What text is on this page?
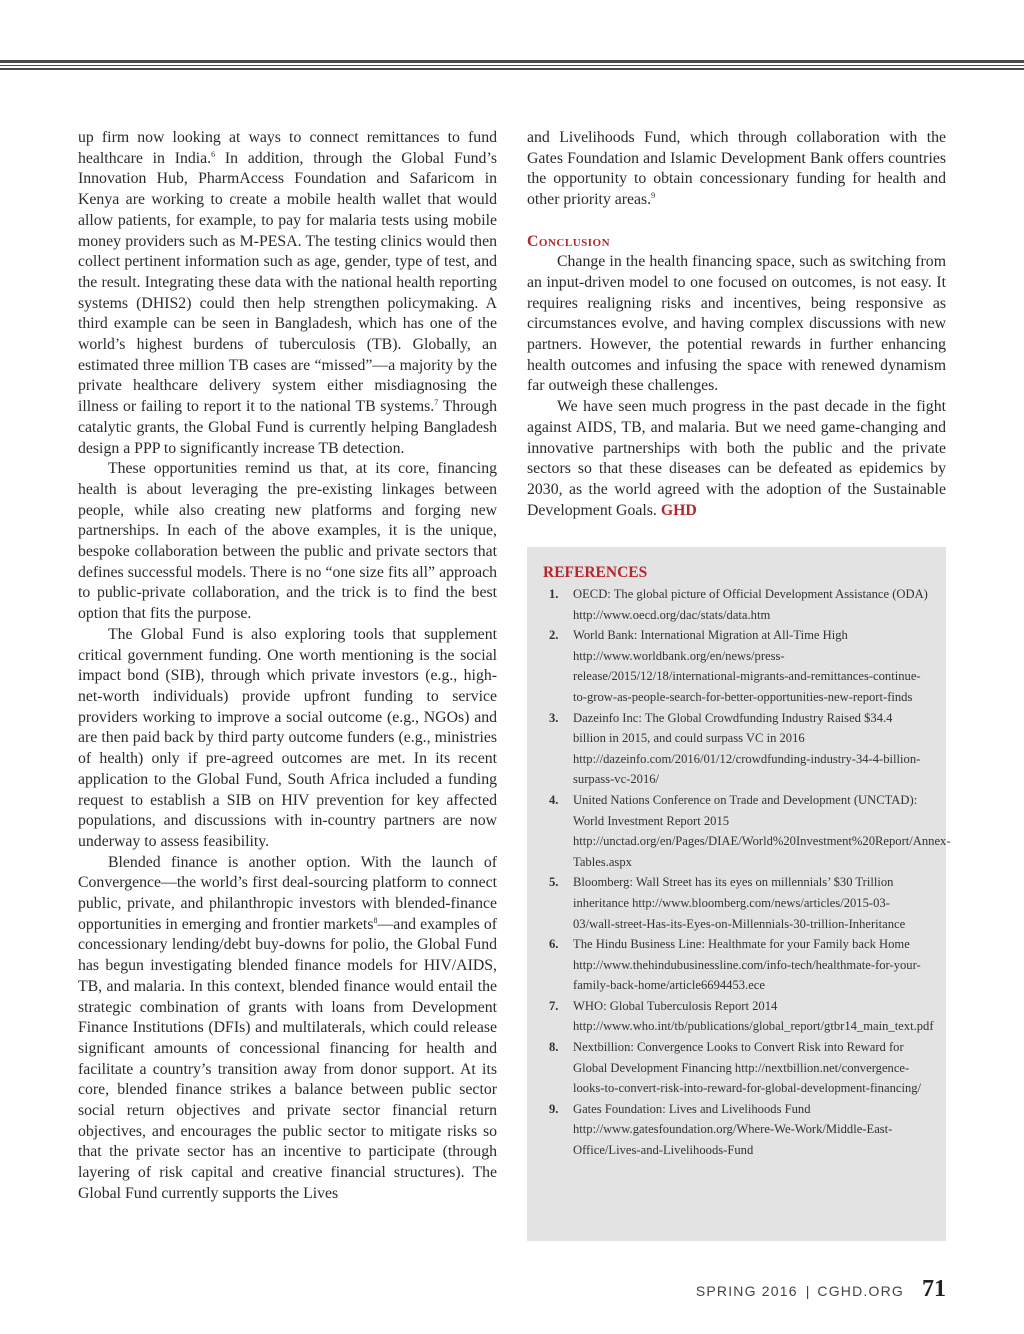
up firm now looking at ways to connect remittances to fund healthcare in India.$^6$ In addition, through the Global Fund’s Innovation Hub, PharmAccess Foundation and Safaricom in Kenya are working to create a mobile health wallet that would allow patients, for example, to pay for malaria tests using mobile money providers such as M-PESA. The testing clinics would then collect pertinent information such as age, gender, type of test, and the result. Integrating these data with the national health reporting systems (DHIS2) could then help strengthen policymaking. A third example can be seen in Bangladesh, which has one of the world’s highest burdens of tuberculosis (TB). Globally, an estimated three million TB cases are “missed”—a majority by the private healthcare delivery system either misdiagnosing the illness or failing to report it to the national TB systems.$^7$ Through catalytic grants, the Global Fund is currently helping Bangladesh design a PPP to significantly increase TB detection.

These opportunities remind us that, at its core, financing health is about leveraging the pre-existing linkages between people, while also creating new platforms and forging new partnerships. In each of the above examples, it is the unique, bespoke collaboration between the public and private sectors that defines successful models. There is no “one size fits all” approach to public-private collaboration, and the trick is to find the best option that fits the purpose.

The Global Fund is also exploring tools that supplement critical government funding. One worth mentioning is the social impact bond (SIB), through which private investors (e.g., high-net-worth individuals) provide upfront funding to service providers working to improve a social outcome (e.g., NGOs) and are then paid back by third party outcome funders (e.g., ministries of health) only if pre-agreed outcomes are met. In its recent application to the Global Fund, South Africa included a funding request to establish a SIB on HIV prevention for key affected populations, and discussions with in-country partners are now underway to assess feasibility.

Blended finance is another option. With the launch of Convergence—the world’s first deal-sourcing platform to connect public, private, and philanthropic investors with blended-finance opportunities in emerging and frontier markets$^8$—and examples of concessionary lending/debt buy-downs for polio, the Global Fund has begun investigating blended finance models for HIV/AIDS, TB, and malaria. In this context, blended finance would entail the strategic combination of grants with loans from Development Finance Institutions (DFIs) and multilaterals, which could release significant amounts of concessional financing for health and facilitate a country’s transition away from donor support. At its core, blended finance strikes a balance between public sector social return objectives and private sector financial return objectives, and encourages the public sector to mitigate risks so that the private sector has an incentive to participate (through layering of risk capital and creative financial structures). The Global Fund currently supports the Lives

and Livelihoods Fund, which through collaboration with the Gates Foundation and Islamic Development Bank offers countries the opportunity to obtain concessionary funding for health and other priority areas.$^9$

Conclusion

Change in the health financing space, such as switching from an input-driven model to one focused on outcomes, is not easy. It requires realigning risks and incentives, being responsive as circumstances evolve, and having complex discussions with new partners. However, the potential rewards in further enhancing health outcomes and infusing the space with renewed dynamism far outweigh these challenges.

We have seen much progress in the past decade in the fight against AIDS, TB, and malaria. But we need game-changing and innovative partnerships with both the public and the private sectors so that these diseases can be defeated as epidemics by 2030, as the world agreed with the adoption of the Sustainable Development Goals. GHD

REFERENCES
1.	OECD: The global picture of Official Development Assistance (ODA) http://www.oecd.org/dac/stats/data.htm
2.	World Bank: International Migration at All-Time High http://www.worldbank.org/en/news/press-release/2015/12/18/international-migrants-and-remittances-continue-to-grow-as-people-search-for-better-opportunities-new-report-finds
3.	Dazeinfo Inc: The Global Crowdfunding Industry Raised $34.4 billion in 2015, and could surpass VC in 2016 http://dazeinfo.com/2016/01/12/crowdfunding-industry-34-4-billion-surpass-vc-2016/
4.	United Nations Conference on Trade and Development (UNCTAD): World Investment Report 2015 http://unctad.org/en/Pages/DIAE/World%20Investment%20Report/Annex-Tables.aspx
5.	Bloomberg: Wall Street has its eyes on millennials’ $30 Trillion inheritance http://www.bloomberg.com/news/articles/2015-03-03/wall-street-Has-its-Eyes-on-Millennials-30-trillion-Inheritance
6.	The Hindu Business Line: Healthmate for your Family back Home http://www.thehindubusinessline.com/info-tech/healthmate-for-your-family-back-home/article6694453.ece
7.	WHO: Global Tuberculosis Report 2014 http://www.who.int/tb/publications/global_report/gtbr14_main_text.pdf
8.	Nextbillion: Convergence Looks to Convert Risk into Reward for Global Development Financing http://nextbillion.net/convergence-looks-to-convert-risk-into-reward-for-global-development-financing/
9.	Gates Foundation: Lives and Livelihoods Fund http://www.gatesfoundation.org/Where-We-Work/Middle-East-Office/Lives-and-Livelihoods-Fund
SPRING 2016 | CGHD.ORG 71
